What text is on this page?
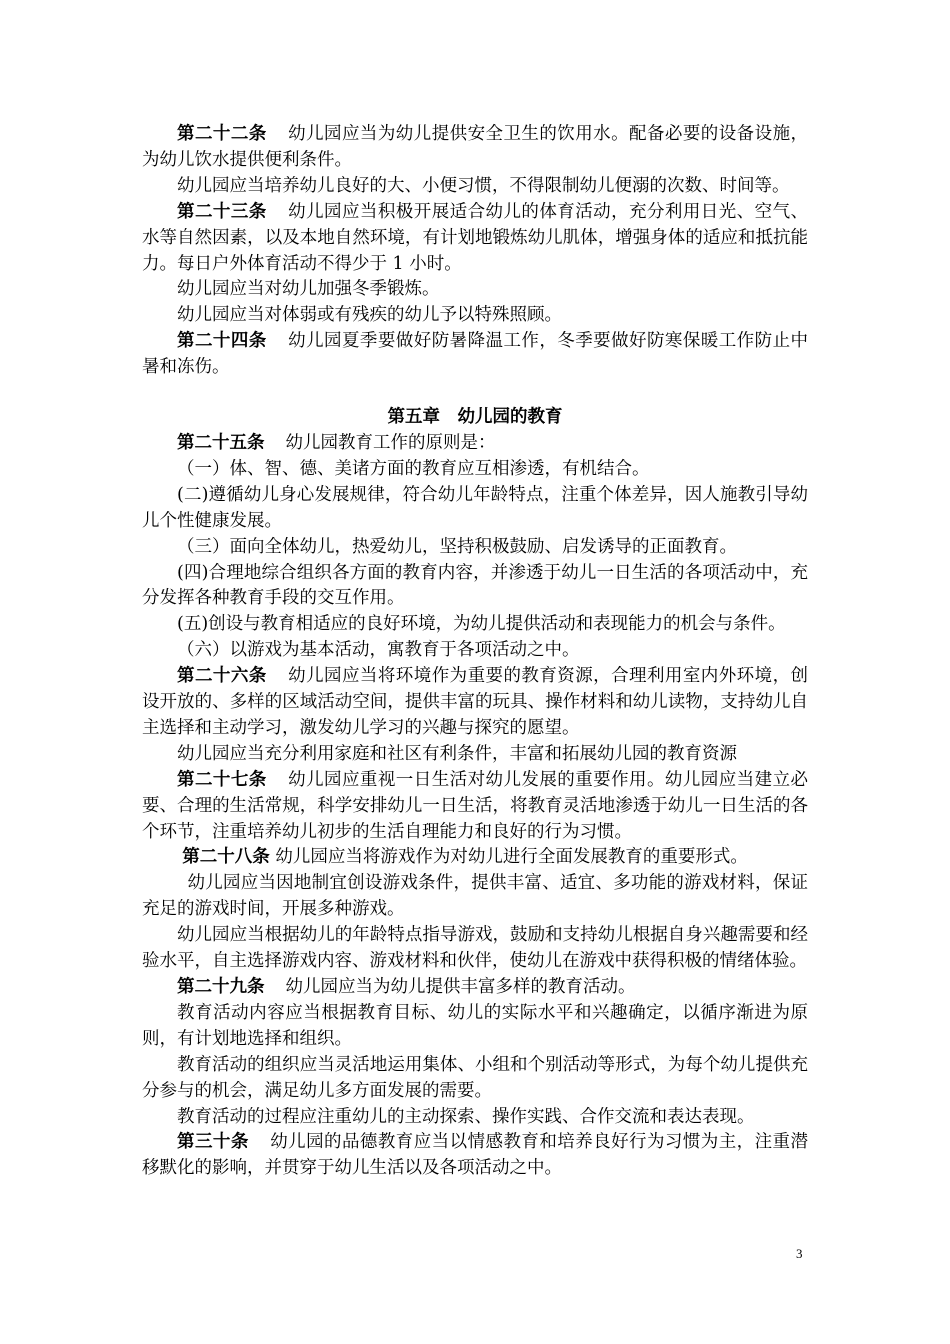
第二十二条 幼儿园应当为幼儿提供安全卫生的饮用水。配备必要的设备设施，为幼儿饮水提供便利条件。

幼儿园应当培养幼儿良好的大、小便习惯，不得限制幼儿便溺的次数、时间等。

第二十三条 幼儿园应当积极开展适合幼儿的体育活动，充分利用日光、空气、水等自然因素，以及本地自然环境，有计划地锻炼幼儿肌体，增强身体的适应和抵抗能力。每日户外体育活动不得少于 1 小时。

幼儿园应当对幼儿加强冬季锻炼。

幼儿园应当对体弱或有残疾的幼儿予以特殊照顾。

第二十四条 幼儿园夏季要做好防暑降温工作，冬季要做好防寒保暖工作防止中暑和冻伤。

第五章　幼儿园的教育

第二十五条 幼儿园教育工作的原则是：

（一）体、智、德、美诸方面的教育应互相渗透，有机结合。

(二)遵循幼儿身心发展规律，符合幼儿年龄特点，注重个体差异，因人施教引导幼儿个性健康发展。

（三）面向全体幼儿，热爱幼儿，坚持积极鼓励、启发诱导的正面教育。

(四)合理地综合组织各方面的教育内容，并渗透于幼儿一日生活的各项活动中，充分发挥各种教育手段的交互作用。

(五)创设与教育相适应的良好环境，为幼儿提供活动和表现能力的机会与条件。

（六）以游戏为基本活动，寓教育于各项活动之中。

第二十六条 幼儿园应当将环境作为重要的教育资源，合理利用室内外环境，创设开放的、多样的区域活动空间，提供丰富的玩具、操作材料和幼儿读物，支持幼儿自主选择和主动学习，激发幼儿学习的兴趣与探究的愿望。

幼儿园应当充分利用家庭和社区有利条件，丰富和拓展幼儿园的教育资源

第二十七条 幼儿园应重视一日生活对幼儿发展的重要作用。幼儿园应当建立必要、合理的生活常规，科学安排幼儿一日生活，将教育灵活地渗透于幼儿一日生活的各个环节，注重培养幼儿初步的生活自理能力和良好的行为习惯。

第二十八条 幼儿园应当将游戏作为对幼儿进行全面发展教育的重要形式。

幼儿园应当因地制宜创设游戏条件，提供丰富、适宜、多功能的游戏材料，保证充足的游戏时间，开展多种游戏。

幼儿园应当根据幼儿的年龄特点指导游戏，鼓励和支持幼儿根据自身兴趣需要和经验水平，自主选择游戏内容、游戏材料和伙伴，使幼儿在游戏中获得积极的情绪体验。

第二十九条 幼儿园应当为幼儿提供丰富多样的教育活动。

教育活动内容应当根据教育目标、幼儿的实际水平和兴趣确定，以循序渐进为原则，有计划地选择和组织。

教育活动的组织应当灵活地运用集体、小组和个别活动等形式，为每个幼儿提供充分参与的机会，满足幼儿多方面发展的需要。

教育活动的过程应注重幼儿的主动探索、操作实践、合作交流和表达表现。

第三十条 幼儿园的品德教育应当以情感教育和培养良好行为习惯为主，注重潜移默化的影响，并贯穿于幼儿生活以及各项活动之中。

3
